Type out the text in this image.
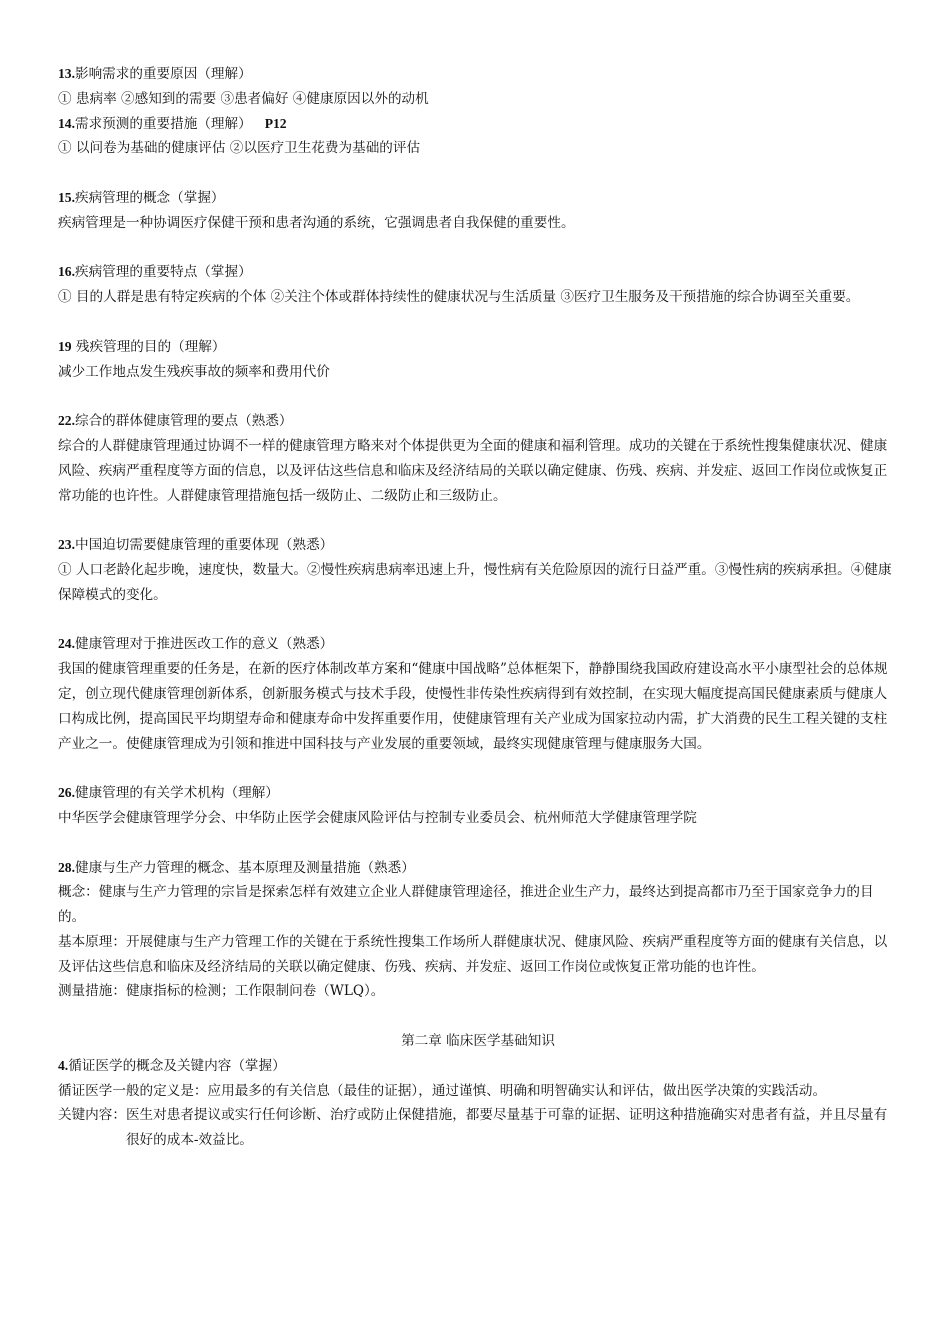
13.影响需求的重要原因（理解）

① 患病率 ②感知到的需要 ③患者偏好 ④健康原因以外的动机

14.需求预测的重要措施（理解） P12

① 以问卷为基础的健康评估 ②以医疗卫生花费为基础的评估

15.疾病管理的概念（掌握）

疾病管理是一种协调医疗保健干预和患者沟通的系统，它强调患者自我保健的重要性。

16.疾病管理的重要特点（掌握）

① 目的人群是患有特定疾病的个体 ②关注个体或群体持续性的健康状况与生活质量 ③医疗卫生服务及干预措施的综合协调至关重要。

19 残疾管理的目的（理解）

减少工作地点发生残疾事故的频率和费用代价

22.综合的群体健康管理的要点（熟悉）

综合的人群健康管理通过协调不一样的健康管理方略来对个体提供更为全面的健康和福利管理。成功的关键在于系统性搜集健康状况、健康风险、疾病严重程度等方面的信息，以及评估这些信息和临床及经济结局的关联以确定健康、伤残、疾病、并发症、返回工作岗位或恢复正常功能的也许性。人群健康管理措施包括一级防止、二级防止和三级防止。

23.中国迫切需要健康管理的重要体现（熟悉）

① 人口老龄化起步晚，速度快，数量大。②慢性疾病患病率迅速上升，慢性病有关危险原因的流行日益严重。③慢性病的疾病承担。④健康保障模式的变化。

24.健康管理对于推进医改工作的意义（熟悉）

我国的健康管理重要的任务是，在新的医疗体制改革方案和“健康中国战略”总体框架下，静静围绕我国政府建设高水平小康型社会的总体规定，创立现代健康管理创新体系，创新服务模式与技术手段，使慢性非传染性疾病得到有效控制，在实现大幅度提高国民健康素质与健康人口构成比例，提高国民平均期望寿命和健康寿命中发挥重要作用，使健康管理有关产业成为国家拉动内需，扩大消费的民生工程关键的支柱产业之一。使健康管理成为引领和推进中国科技与产业发展的重要领域，最终实现健康管理与健康服务大国。

26.健康管理的有关学术机构（理解）

中华医学会健康管理学分会、中华防止医学会健康风险评估与控制专业委员会、杭州师范大学健康管理学院

28.健康与生产力管理的概念、基本原理及测量措施（熟悉）

概念：健康与生产力管理的宗旨是探索怎样有效建立企业人群健康管理途径，推进企业生产力，最终达到提高都市乃至于国家竞争力的目的。

基本原理：开展健康与生产力管理工作的关键在于系统性搜集工作场所人群健康状况、健康风险、疾病严重程度等方面的健康有关信息，以及评估这些信息和临床及经济结局的关联以确定健康、伤残、疾病、并发症、返回工作岗位或恢复正常功能的也许性。

测量措施：健康指标的检测；工作限制问卷（WLQ）。

第二章 临床医学基础知识

4.循证医学的概念及关键内容（掌握）

循证医学一般的定义是： 应用最多的有关信息（最佳的证据），通过谨慎、明确和明智确实认和评估，做出医学决策的实践活动。
关键内容： 医生对患者提议或实行任何诊断、治疗或防止保健措施，都要尽量基于可靠的证据、证明这种措施确实对患者有益，并且尽量有很好的成本-效益比。
